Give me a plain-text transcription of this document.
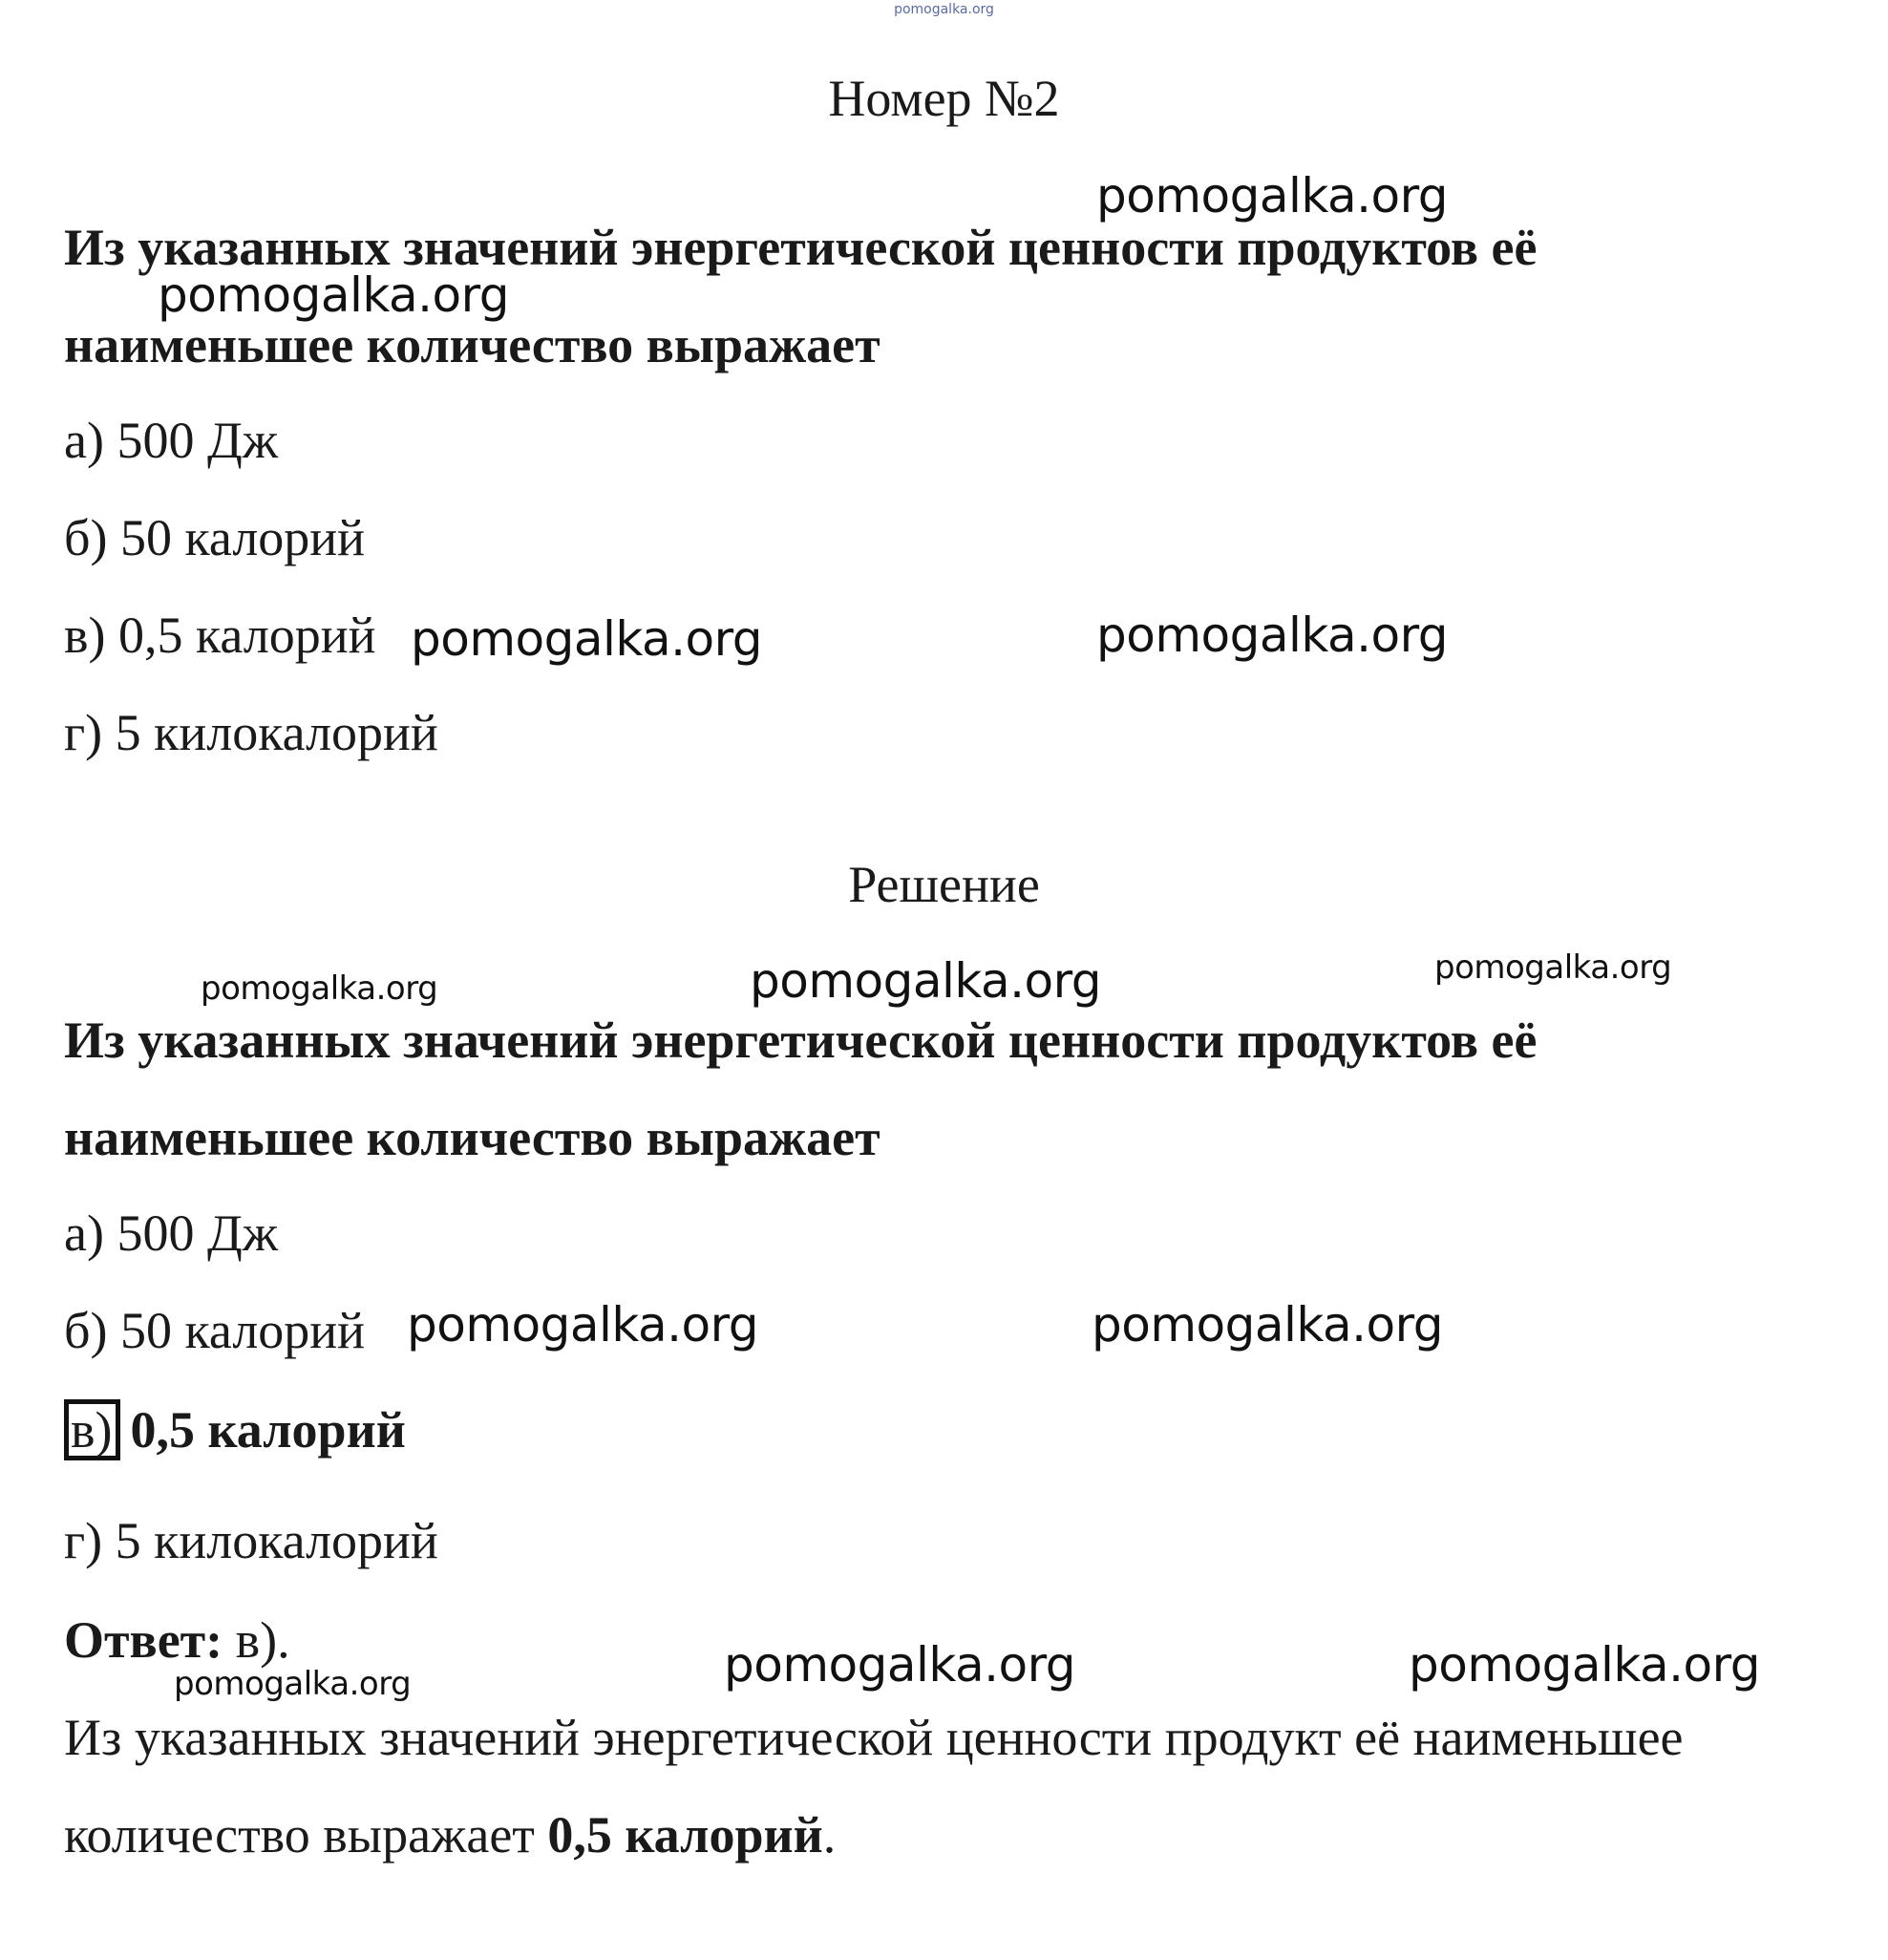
pomogalka.org
Номер №2
Из указанных значений энергетической ценности продуктов её
наименьшее количество выражает
а) 500 Дж
б) 50 калорий
в) 0,5 калорий
г) 5 килокалорий
Решение
Из указанных значений энергетической ценности продуктов её
наименьшее количество выражает
а) 500 Дж
б) 50 калорий
в) 0,5 калорий
г) 5 килокалорий
Ответ: в).
Из указанных значений энергетической ценности продукт её наименьшее
количество выражает 0,5 калорий.
pomogalka.org
pomogalka.org
pomogalka.org	pomogalka.org
pomogalka.org	pomogalka.org	pomogalka.org
pomogalka.org	pomogalka.org
pomogalka.org	pomogalka.org
pomogalka.org
